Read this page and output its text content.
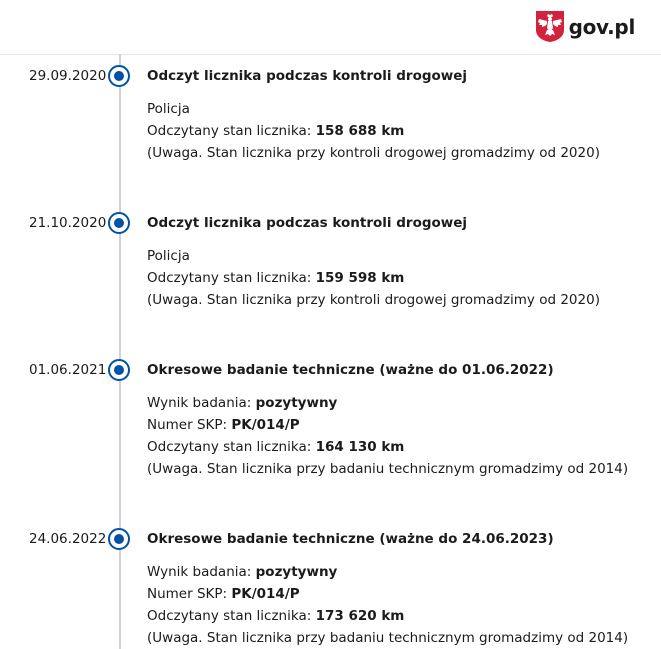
gov.pl
29.09.2020	Odczyt licznika podczas kontroli drogowej
Policja
Odczytany stan licznika: 158 688 km
(Uwaga. Stan licznika przy kontroli drogowej gromadzimy od 2020)
21.10.2020	Odczyt licznika podczas kontroli drogowej
Policja
Odczytany stan licznika: 159 598 km
(Uwaga. Stan licznika przy kontroli drogowej gromadzimy od 2020)
01.06.2021	Okresowe badanie techniczne (ważne do 01.06.2022)
Wynik badania: pozytywny
Numer SKP: PK/014/P
Odczytany stan licznika: 164 130 km
(Uwaga. Stan licznika przy badaniu technicznym gromadzimy od 2014)
24.06.2022	Okresowe badanie techniczne (ważne do 24.06.2023)
Wynik badania: pozytywny
Numer SKP: PK/014/P
Odczytany stan licznika: 173 620 km
(Uwaga. Stan licznika przy badaniu technicznym gromadzimy od 2014)
